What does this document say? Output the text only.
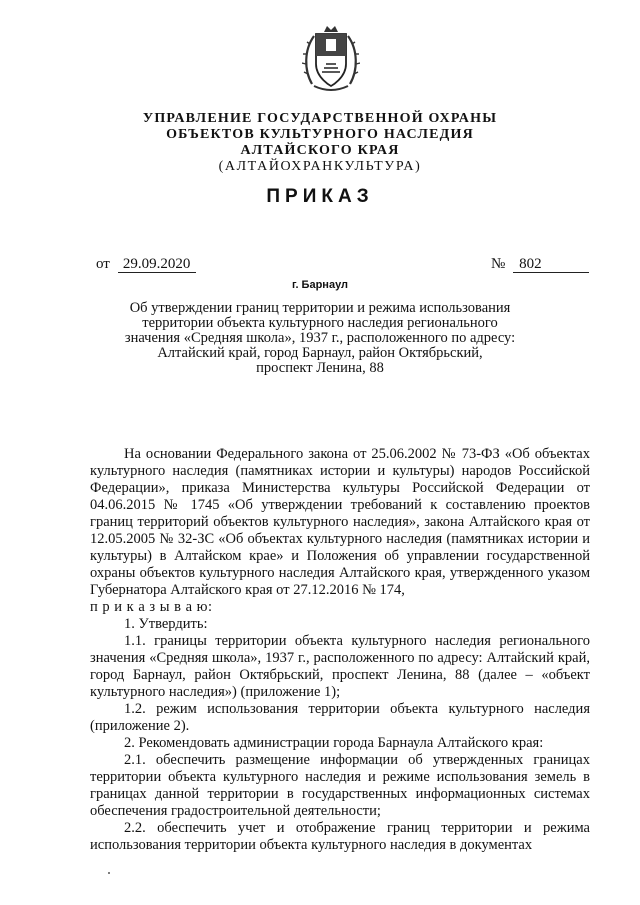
УПРАВЛЕНИЕ ГОСУДАРСТВЕННОЙ ОХРАНЫ
ОБЪЕКТОВ КУЛЬТУРНОГО НАСЛЕДИЯ
АЛТАЙСКОГО КРАЯ
(АЛТАЙОХРАНКУЛЬТУРА)
ПРИКАЗ
от 29.09.2020	№ 802
г. Барнаул
Об утверждении границ территории и режима использования
территории объекта культурного наследия регионального
значения «Средняя школа», 1937 г., расположенного по адресу:
Алтайский край, город Барнаул, район Октябрьский,
проспект Ленина, 88

На основании Федерального закона от 25.06.2002 № 73-ФЗ «Об объектах культурного наследия (памятниках истории и культуры) народов Российской Федерации», приказа Министерства культуры Российской Федерации от 04.06.2015 № 1745 «Об утверждении требований к составлению проектов границ территорий объектов культурного наследия», закона Алтайского края от 12.05.2005 № 32-ЗС «Об объектах культурного наследия (памятниках истории и культуры) в Алтайском крае» и Положения об управлении государственной охраны объектов культурного наследия Алтайского края, утвержденного указом Губернатора Алтайского края от 27.12.2016 № 174,

п р и к а з ы в а ю:

1. Утвердить:

1.1. границы территории объекта культурного наследия регионального значения «Средняя школа», 1937 г., расположенного по адресу: Алтайский край, город Барнаул, район Октябрьский, проспект Ленина, 88 (далее – «объект культурного наследия») (приложение 1);

1.2. режим использования территории объекта культурного наследия (приложение 2).

2. Рекомендовать администрации города Барнаула Алтайского края:

2.1. обеспечить размещение информации об утвержденных границах территории объекта культурного наследия и режиме использования земель в границах данной территории в государственных информационных системах обеспечения градостроительной деятельности;

2.2. обеспечить учет и отображение границ территории и режима использования территории объекта культурного наследия в документах
